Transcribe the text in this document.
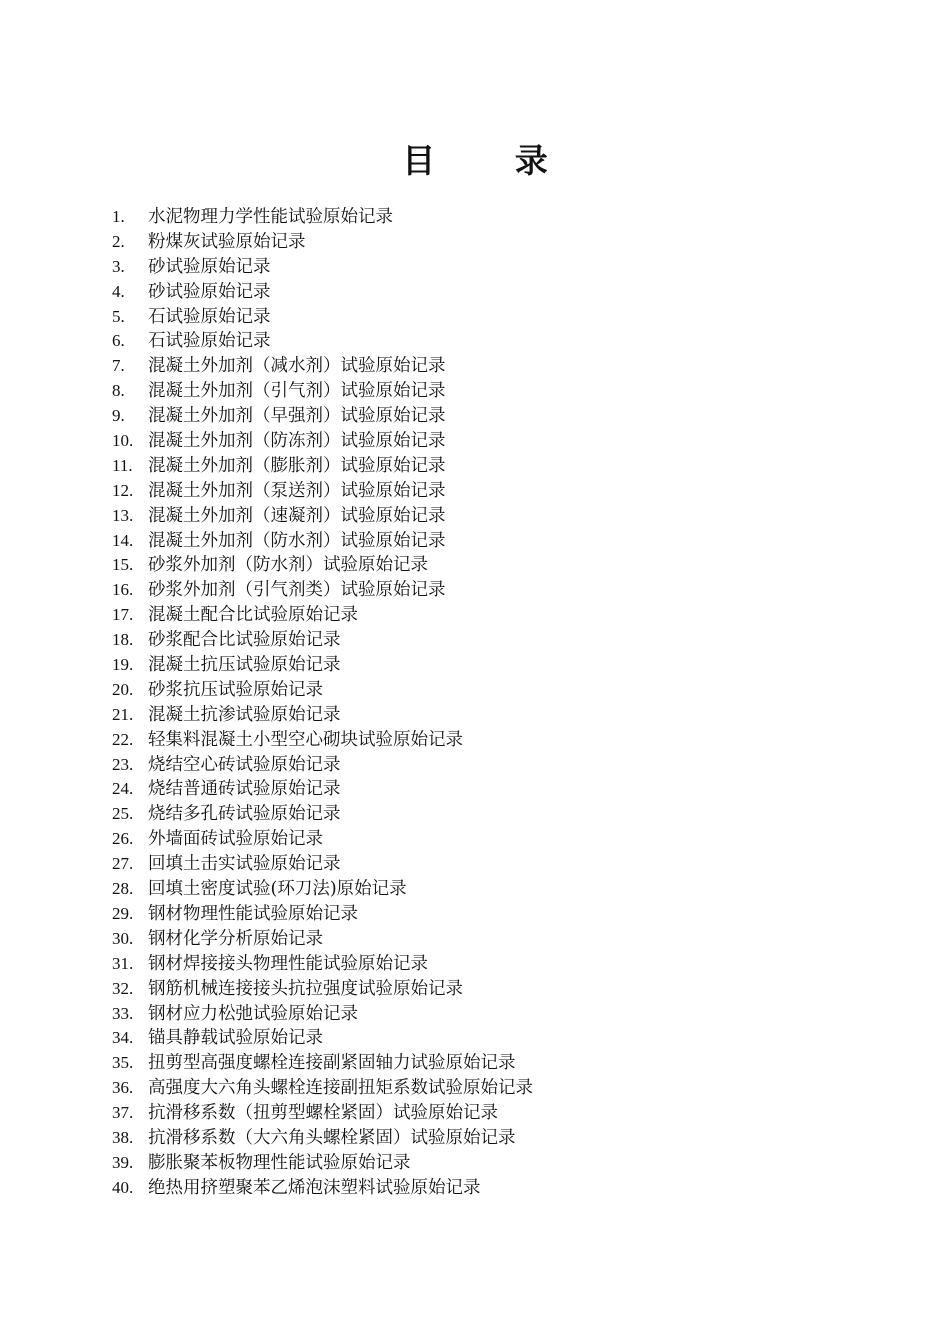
目 录
1.	水泥物理力学性能试验原始记录
2.	粉煤灰试验原始记录
3.	砂试验原始记录
4.	砂试验原始记录
5.	石试验原始记录
6.	石试验原始记录
7.	混凝土外加剂（减水剂）试验原始记录
8.	混凝土外加剂（引气剂）试验原始记录
9.	混凝土外加剂（早强剂）试验原始记录
10. 混凝土外加剂（防冻剂）试验原始记录
11. 混凝土外加剂（膨胀剂）试验原始记录
12. 混凝土外加剂（泵送剂）试验原始记录
13. 混凝土外加剂（速凝剂）试验原始记录
14. 混凝土外加剂（防水剂）试验原始记录
15. 砂浆外加剂（防水剂）试验原始记录
16. 砂浆外加剂（引气剂类）试验原始记录
17. 混凝土配合比试验原始记录
18. 砂浆配合比试验原始记录
19. 混凝土抗压试验原始记录
20. 砂浆抗压试验原始记录
21. 混凝土抗渗试验原始记录
22. 轻集料混凝土小型空心砌块试验原始记录
23. 烧结空心砖试验原始记录
24. 烧结普通砖试验原始记录
25. 烧结多孔砖试验原始记录
26. 外墙面砖试验原始记录
27. 回填土击实试验原始记录
28. 回填土密度试验(环刀法)原始记录
29. 钢材物理性能试验原始记录
30. 钢材化学分析原始记录
31. 钢材焊接接头物理性能试验原始记录
32. 钢筋机械连接接头抗拉强度试验原始记录
33. 钢材应力松弛试验原始记录
34. 锚具静载试验原始记录
35. 扭剪型高强度螺栓连接副紧固轴力试验原始记录
36. 高强度大六角头螺栓连接副扭矩系数试验原始记录
37. 抗滑移系数（扭剪型螺栓紧固）试验原始记录
38. 抗滑移系数（大六角头螺栓紧固）试验原始记录
39. 膨胀聚苯板物理性能试验原始记录
40. 绝热用挤塑聚苯乙烯泡沫塑料试验原始记录
